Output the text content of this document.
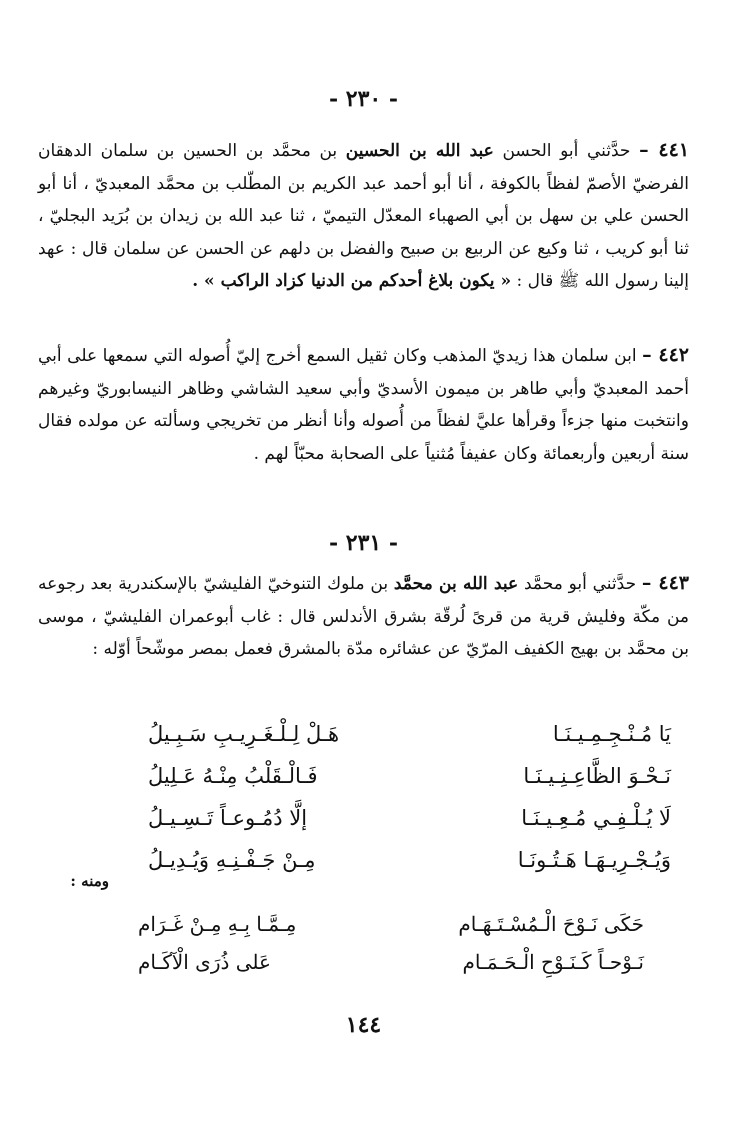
- ٢٣٠ -

٤٤١ – حدَّثني أبو الحسن عبد الله بن الحسين بن محمَّد بن الحسين بن سلمان الدهقان الفرضيّ الأصمّ لفظاً بالكوفة ، أنا أبو أحمد عبد الكريم بن المطّلب بن محمَّد المعبديّ ، أنا أبو الحسن علي بن سهل بن أبي الصهباء المعدّل التيميّ ، ثنا عبد الله بن زيدان بن بُرَيد البجليّ ، ثنا أبو كريب ، ثنا وكيع عن الربيع بن صبيح والفضل بن دلهم عن الحسن عن سلمان قال : عهد إلينا رسول الله ﷺ قال : « يكون بلاغ أحدكم من الدنيا كزاد الراكب » .

٤٤٢ – ابن سلمان هذا زيديّ المذهب وكان ثقيل السمع أخرج إليّ أُصوله التي سمعها على أبي أحمد المعبديّ وأبي طاهر بن ميمون الأسديّ وأبي سعيد الشاشي وظاهر النيسابوريّ وغيرهم وانتخبت منها جزءاً وقرأها عليَّ لفظاً من أُصوله وأنا أنظر من تخريجي وسألته عن مولده فقال سنة أربعين وأربعمائة وكان عفيفاً مُثنياً على الصحابة محبّاً لهم .

- ٢٣١ -

٤٤٣ – حدَّثني أبو محمَّد عبد الله بن محمَّد بن ملوك التنوخيّ الفليشيّ بالإسكندرية بعد رجوعه من مكّة وفليش قرية من قرىً لُرقّة بشرق الأندلس قال : غاب أبوعمران الفليشيّ ، موسى بن محمَّد بن بهيج الكفيف المرّيّ عن عشائره مدّة بالمشرق فعمل بمصر موشّحاً أوّله :

يَا مُـنْـجِـمِـيـنَـا
هَـلْ لِـلْـغَـرِيـبِ سَـبِـيلُ
نَـحْـوَ الظَّاعِـنِـيـنَـا
فَـالْـقَلْبُ مِنْـهُ عَـلِيلُ
لَا يُـلْـفِـي مُـعِـيـنَـا
إلَّا دُمُـوعـاً تَـسِـيـلُ
وَيُـجْـرِيـهَـا هَـتُـونَـا
مِـنْ جَـفْـنِـهِ وَيُـدِيـلُ
ومنه :
حَكَى نَـوْحَ الْـمُسْـتَـهَـام
مِـمَّـا بِـهِ مِـنْ غَـرَام
نَـوْحـاً كَـنَـوْحِ الْـحَـمَـام
عَلى ذُرَى الْآكَـام
١٤٤
